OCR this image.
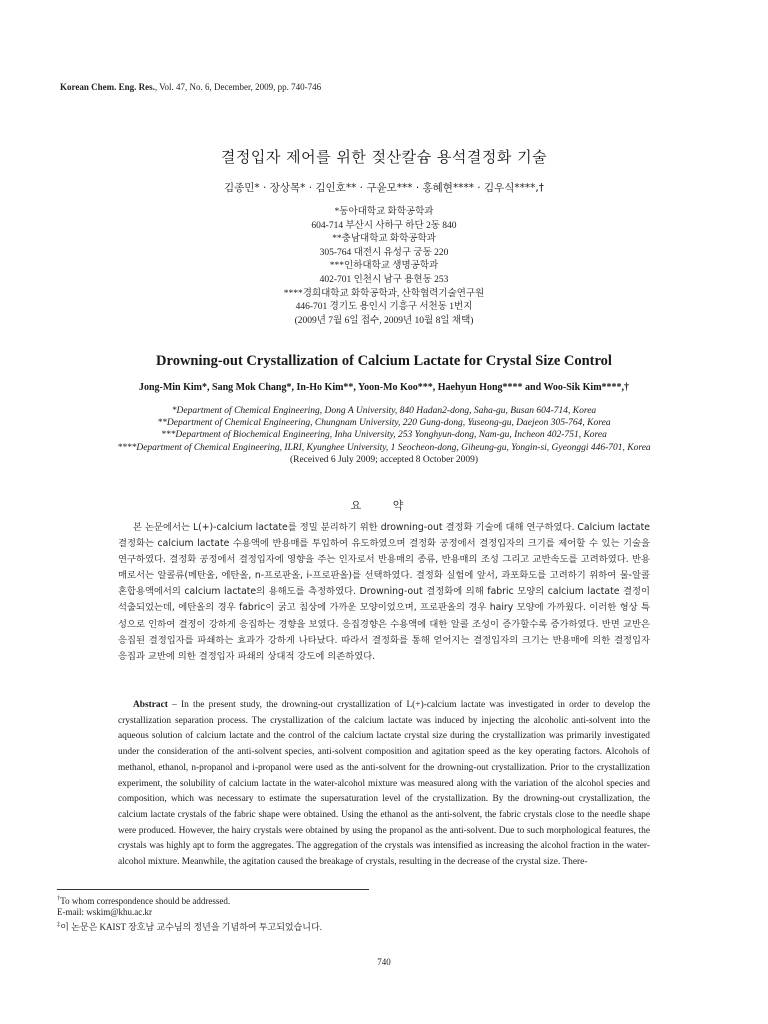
Korean Chem. Eng. Res., Vol. 47, No. 6, December, 2009, pp. 740-746
결정입자 제어를 위한 젖산칼슘 용석결정화 기술
김종민* · 장상목* · 김인호** · 구윤모*** · 홍혜현**** · 김우식****,†
*동아대학교 화학공학과
604-714 부산시 사하구 하단 2동 840
**충남대학교 화학공학과
305-764 대전시 유성구 궁동 220
***인하대학교 생명공학과
402-701 인천시 남구 용현동 253
****경희대학교 화학공학과, 산학협력기술연구원
446-701 경기도 용인시 기흥구 서천동 1번지
(2009년 7월 6일 접수, 2009년 10월 8일 채택)
Drowning-out Crystallization of Calcium Lactate for Crystal Size Control
Jong-Min Kim*, Sang Mok Chang*, In-Ho Kim**, Yoon-Mo Koo***, Haehyun Hong**** and Woo-Sik Kim****,†
*Department of Chemical Engineering, Dong A University, 840 Hadan2-dong, Saha-gu, Busan 604-714, Korea
**Department of Chemical Engineering, Chungnam University, 220 Gung-dong, Yuseong-gu, Daejeon 305-764, Korea
***Department of Biochemical Engineering, Inha University, 253 Yonghyun-dong, Nam-gu, Incheon 402-751, Korea
****Department of Chemical Engineering, ILRI, Kyunghee University, 1 Seocheon-dong, Giheung-gu, Yongin-si, Gyeonggi 446-701, Korea
(Received 6 July 2009; accepted 8 October 2009)
요 약
본 논문에서는 L(+)-calcium lactate를 정밀 분리하기 위한 drowning-out 결정화 기술에 대해 연구하였다. Calcium lactate 결정화는 calcium lactate 수용액에 반용매를 투입하여 유도하였으며 결정화 공정에서 결정입자의 크기를 제어할 수 있는 기술을 연구하였다. 결정화 공정에서 결정입자에 영향을 주는 인자로서 반용매의 종류, 반용매의 조성 그리고 교반속도를 고려하였다. 반용매로서는 알콜류(메탄올, 에탄올, n-프로판올, i-프로판올)를 선택하였다. 결정화 실험에 앞서, 과포화도를 고려하기 위하여 물-알콜 혼합용액에서의 calcium lactate의 용해도를 측정하였다. Drowning-out 결정화에 의해 fabric 모양의 calcium lactate 결정이 석출되었는데, 에탄올의 경우 fabric이 굵고 침상에 가까운 모양이었으며, 프로판올의 경우 hairy 모양에 가까웠다. 이러한 형상 특성으로 인하여 결정이 강하게 응집하는 경향을 보였다. 응집경향은 수용액에 대한 알콜 조성이 증가할수록 증가하였다. 반면 교반은 응집된 결정입자를 파쇄하는 효과가 강하게 나타났다. 따라서 결정화를 통해 얻어지는 결정입자의 크기는 반용매에 의한 결정입자 응집과 교반에 의한 결정입자 파쇄의 상대적 강도에 의존하였다.
Abstract – In the present study, the drowning-out crystallization of L(+)-calcium lactate was investigated in order to develop the crystallization separation process. The crystallization of the calcium lactate was induced by injecting the alcoholic anti-solvent into the aqueous solution of calcium lactate and the control of the calcium lactate crystal size during the crystallization was primarily investigated under the consideration of the anti-solvent species, anti-solvent composition and agitation speed as the key operating factors. Alcohols of methanol, ethanol, n-propanol and i-propanol were used as the anti-solvent for the drowning-out crystallization. Prior to the crystallization experiment, the solubility of calcium lactate in the water-alcohol mixture was measured along with the variation of the alcohol species and composition, which was necessary to estimate the supersaturation level of the crystallization. By the drowning-out crystallization, the calcium lactate crystals of the fabric shape were obtained. Using the ethanol as the anti-solvent, the fabric crystals close to the needle shape were produced. However, the hairy crystals were obtained by using the propanol as the anti-solvent. Due to such morphological features, the crystals was highly apt to form the aggregates. The aggregation of the crystals was intensified as increasing the alcohol fraction in the water-alcohol mixture. Meanwhile, the agitation caused the breakage of crystals, resulting in the decrease of the crystal size. There-
†To whom correspondence should be addressed.
E-mail: wskim@khu.ac.kr
‡이 논문은 KAIST 장호남 교수님의 정년을 기념하여 투고되었습니다.
740
